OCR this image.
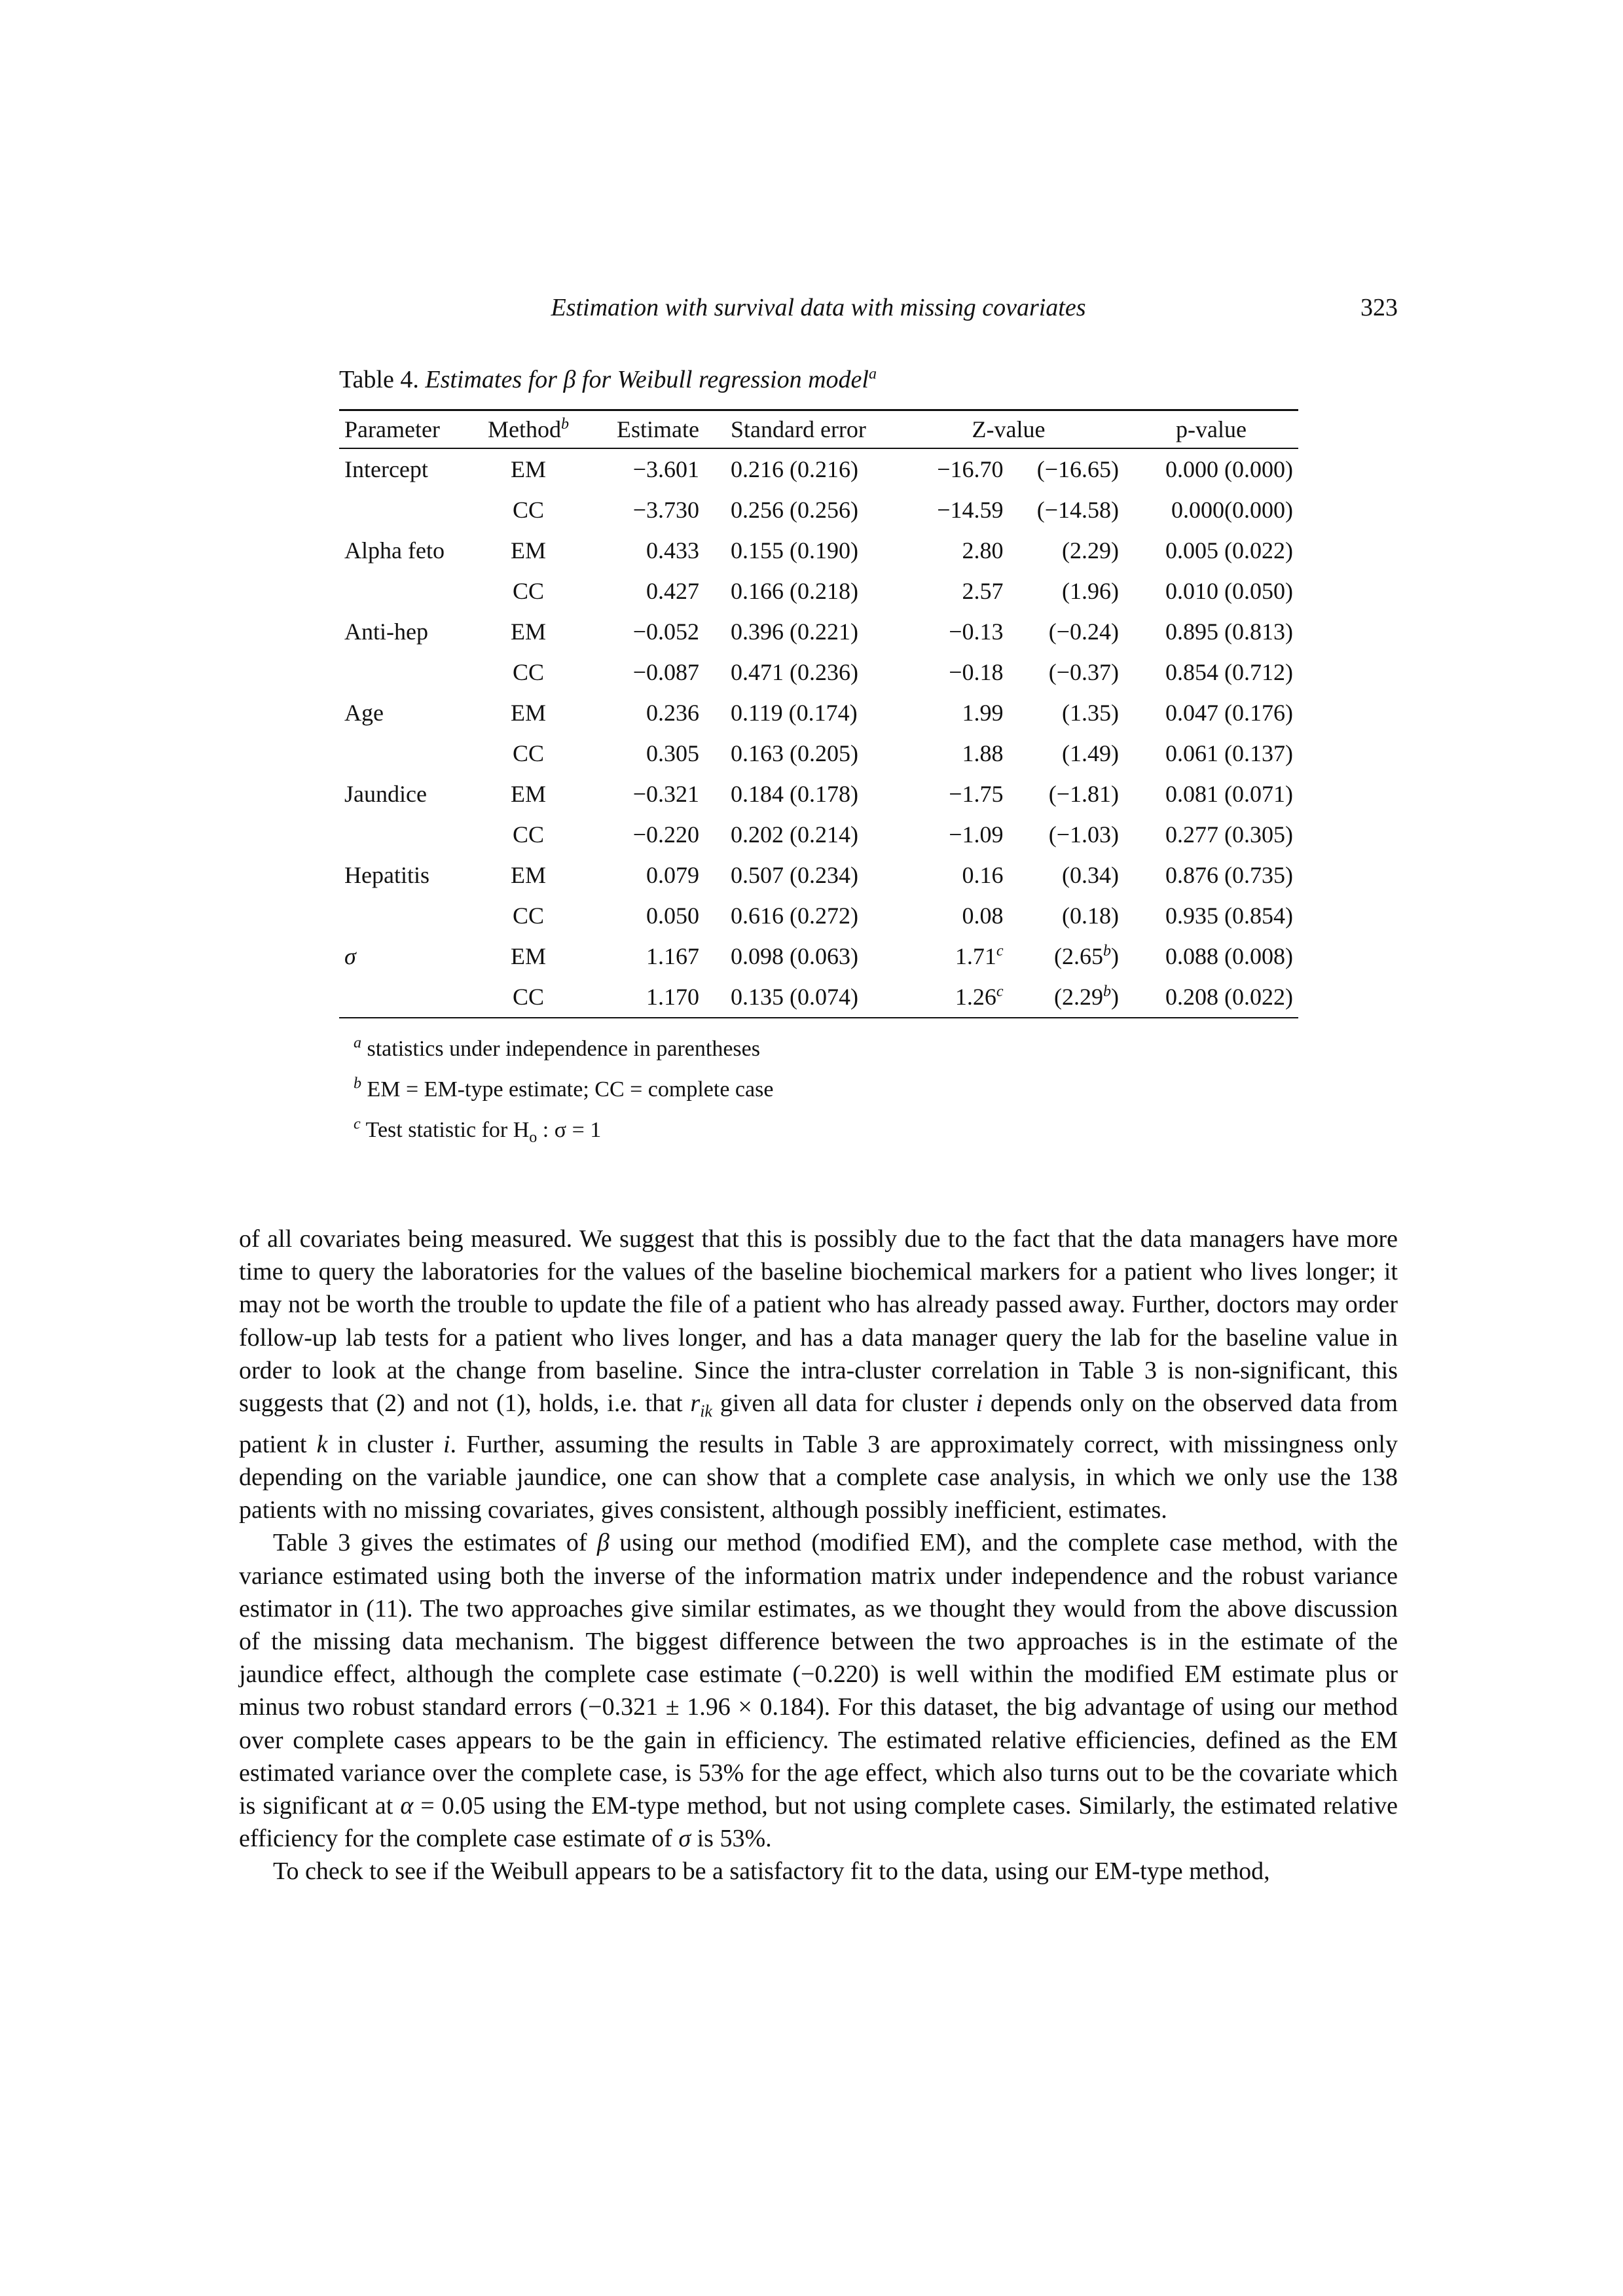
Estimation with survival data with missing covariates	323
Table 4. Estimates for β for Weibull regression model$^a$
Parameter	Method$^b$	Estimate	Standard error	Z-value		p-value
Intercept	EM	−3.601	0.216 (0.216)	−16.70	(−16.65)	0.000 (0.000)
	CC	−3.730	0.256 (0.256)	−14.59	(−14.58)	0.000(0.000)
Alpha feto	EM	0.433	0.155 (0.190)	2.80	(2.29)	0.005 (0.022)
	CC	0.427	0.166 (0.218)	2.57	(1.96)	0.010 (0.050)
Anti-hep	EM	−0.052	0.396 (0.221)	−0.13	(−0.24)	0.895 (0.813)
	CC	−0.087	0.471 (0.236)	−0.18	(−0.37)	0.854 (0.712)
Age	EM	0.236	0.119 (0.174)	1.99	(1.35)	0.047 (0.176)
	CC	0.305	0.163 (0.205)	1.88	(1.49)	0.061 (0.137)
Jaundice	EM	−0.321	0.184 (0.178)	−1.75	(−1.81)	0.081 (0.071)
	CC	−0.220	0.202 (0.214)	−1.09	(−1.03)	0.277 (0.305)
Hepatitis	EM	0.079	0.507 (0.234)	0.16	(0.34)	0.876 (0.735)
	CC	0.050	0.616 (0.272)	0.08	(0.18)	0.935 (0.854)
σ	EM	1.167	0.098 (0.063)	1.71$^c$	(2.65$^b$)	0.088 (0.008)
	CC	1.170	0.135 (0.074)	1.26$^c$	(2.29$^b$)	0.208 (0.022)
$^a$ statistics under independence in parentheses
$^b$ EM = EM-type estimate; CC = complete case
$^c$ Test statistic for $H_o$ : σ = 1

of all covariates being measured. We suggest that this is possibly due to the fact that the data managers have more time to query the laboratories for the values of the baseline biochemical markers for a patient who lives longer; it may not be worth the trouble to update the file of a patient who has already passed away. Further, doctors may order follow-up lab tests for a patient who lives longer, and has a data manager query the lab for the baseline value in order to look at the change from baseline. Since the intra-cluster correlation in Table 3 is non-significant, this suggests that (2) and not (1), holds, i.e. that $r_{ik}$ given all data for cluster i depends only on the observed data from patient k in cluster i. Further, assuming the results in Table 3 are approximately correct, with missingness only depending on the variable jaundice, one can show that a complete case analysis, in which we only use the 138 patients with no missing covariates, gives consistent, although possibly inefficient, estimates.

Table 3 gives the estimates of β using our method (modified EM), and the complete case method, with the variance estimated using both the inverse of the information matrix under independence and the robust variance estimator in (11). The two approaches give similar estimates, as we thought they would from the above discussion of the missing data mechanism. The biggest difference between the two approaches is in the estimate of the jaundice effect, although the complete case estimate (−0.220) is well within the modified EM estimate plus or minus two robust standard errors (−0.321 ± 1.96 × 0.184). For this dataset, the big advantage of using our method over complete cases appears to be the gain in efficiency. The estimated relative efficiencies, defined as the EM estimated variance over the complete case, is 53% for the age effect, which also turns out to be the covariate which is significant at α = 0.05 using the EM-type method, but not using complete cases. Similarly, the estimated relative efficiency for the complete case estimate of σ is 53%.

To check to see if the Weibull appears to be a satisfactory fit to the data, using our EM-type method,
